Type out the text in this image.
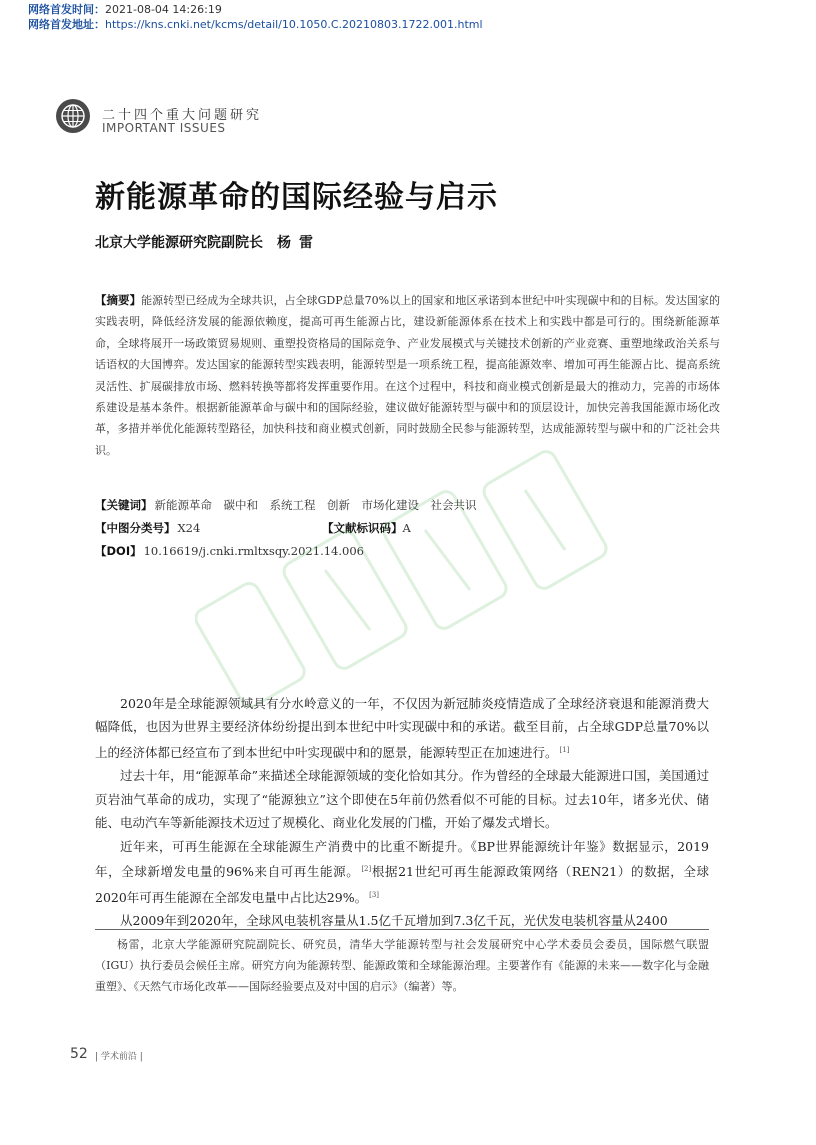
网络首发时间：2021-08-04 14:26:19
网络首发地址：https://kns.cnki.net/kcms/detail/10.1050.C.20210803.1722.001.html
二十四个重大问题研究
IMPORTANT ISSUES
新能源革命的国际经验与启示
北京大学能源研究院副院长 杨雷
【摘要】能源转型已经成为全球共识，占全球GDP总量70%以上的国家和地区承诺到本世纪中叶实现碳中和的目标。发达国家的实践表明，降低经济发展的能源依赖度，提高可再生能源占比，建设新能源体系在技术上和实践中都是可行的。围绕新能源革命，全球将展开一场政策贸易规则、重塑投资格局的国际竞争、产业发展模式与关键技术创新的产业竞赛、重塑地缘政治关系与话语权的大国博弈。发达国家的能源转型实践表明，能源转型是一项系统工程，提高能源效率、增加可再生能源占比、提高系统灵活性、扩展碳排放市场、燃料转换等都将发挥重要作用。在这个过程中，科技和商业模式创新是最大的推动力，完善的市场体系建设是基本条件。根据新能源革命与碳中和的国际经验，建议做好能源转型与碳中和的顶层设计，加快完善我国能源市场化改革，多措并举优化能源转型路径，加快科技和商业模式创新，同时鼓励全民参与能源转型，达成能源转型与碳中和的广泛社会共识。
【关键词】 新能源革命　碳中和　系统工程　创新　市场化建设　社会共识
【中图分类号】 X24	【文献标识码】A
【DOI】 10.16619/j.cnki.rmltxsqy.2021.14.006

2020年是全球能源领域具有分水岭意义的一年，不仅因为新冠肺炎疫情造成了全球经济衰退和能源消费大幅降低，也因为世界主要经济体纷纷提出到本世纪中叶实现碳中和的承诺。截至目前，占全球GDP总量70%以上的经济体都已经宣布了到本世纪中叶实现碳中和的愿景，能源转型正在加速进行。 [1]

过去十年，用“能源革命”来描述全球能源领域的变化恰如其分。作为曾经的全球最大能源进口国，美国通过页岩油气革命的成功，实现了“能源独立”这个即使在5年前仍然看似不可能的目标。过去10年，诸多光伏、储能、电动汽车等新能源技术迈过了规模化、商业化发展的门槛，开始了爆发式增长。

近年来，可再生能源在全球能源生产消费中的比重不断提升。《BP世界能源统计年鉴》数据显示，2019年，全球新增发电量的96%来自可再生能源。 [2]根据21世纪可再生能源政策网络（REN21）的数据，全球2020年可再生能源在全部发电量中占比达29%。 [3]

从2009年到2020年，全球风电装机容量从1.5亿千瓦增加到7.3亿千瓦，光伏发电装机容量从2400

杨雷，北京大学能源研究院副院长、研究员，清华大学能源转型与社会发展研究中心学术委员会委员，国际燃气联盟（IGU）执行委员会候任主席。研究方向为能源转型、能源政策和全球能源治理。主要著作有《能源的未来——数字化与金融重塑》、《天然气市场化改革——国际经验要点及对中国的启示》（编著）等。
52 | 学术前沿 |
